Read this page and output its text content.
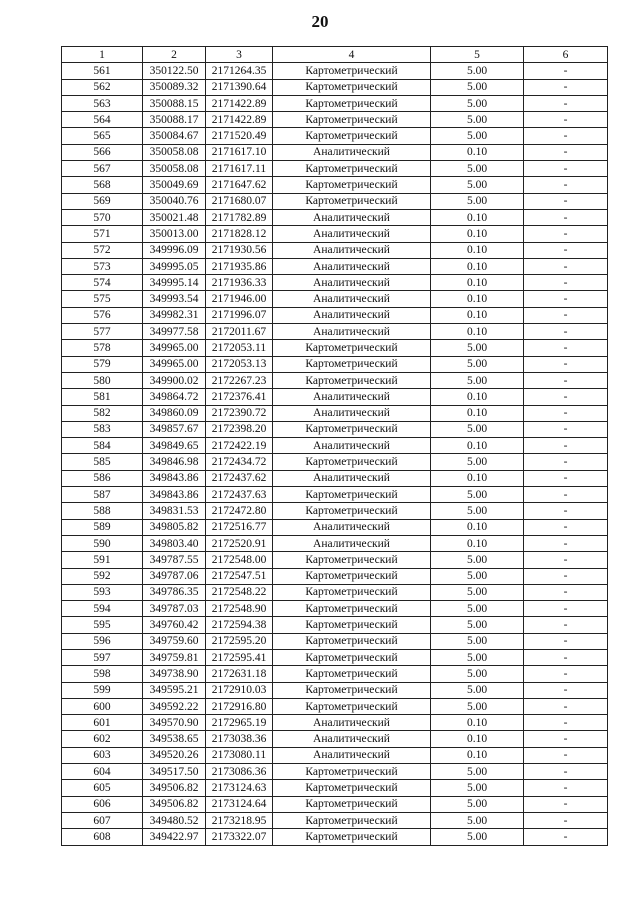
20
1	2	3	4	5	6
561	350122.50	2171264.35	Картометрический	5.00	-
562	350089.32	2171390.64	Картометрический	5.00	-
563	350088.15	2171422.89	Картометрический	5.00	-
564	350088.17	2171422.89	Картометрический	5.00	-
565	350084.67	2171520.49	Картометрический	5.00	-
566	350058.08	2171617.10	Аналитический	0.10	-
567	350058.08	2171617.11	Картометрический	5.00	-
568	350049.69	2171647.62	Картометрический	5.00	-
569	350040.76	2171680.07	Картометрический	5.00	-
570	350021.48	2171782.89	Аналитический	0.10	-
571	350013.00	2171828.12	Аналитический	0.10	-
572	349996.09	2171930.56	Аналитический	0.10	-
573	349995.05	2171935.86	Аналитический	0.10	-
574	349995.14	2171936.33	Аналитический	0.10	-
575	349993.54	2171946.00	Аналитический	0.10	-
576	349982.31	2171996.07	Аналитический	0.10	-
577	349977.58	2172011.67	Аналитический	0.10	-
578	349965.00	2172053.11	Картометрический	5.00	-
579	349965.00	2172053.13	Картометрический	5.00	-
580	349900.02	2172267.23	Картометрический	5.00	-
581	349864.72	2172376.41	Аналитический	0.10	-
582	349860.09	2172390.72	Аналитический	0.10	-
583	349857.67	2172398.20	Картометрический	5.00	-
584	349849.65	2172422.19	Аналитический	0.10	-
585	349846.98	2172434.72	Картометрический	5.00	-
586	349843.86	2172437.62	Аналитический	0.10	-
587	349843.86	2172437.63	Картометрический	5.00	-
588	349831.53	2172472.80	Картометрический	5.00	-
589	349805.82	2172516.77	Аналитический	0.10	-
590	349803.40	2172520.91	Аналитический	0.10	-
591	349787.55	2172548.00	Картометрический	5.00	-
592	349787.06	2172547.51	Картометрический	5.00	-
593	349786.35	2172548.22	Картометрический	5.00	-
594	349787.03	2172548.90	Картометрический	5.00	-
595	349760.42	2172594.38	Картометрический	5.00	-
596	349759.60	2172595.20	Картометрический	5.00	-
597	349759.81	2172595.41	Картометрический	5.00	-
598	349738.90	2172631.18	Картометрический	5.00	-
599	349595.21	2172910.03	Картометрический	5.00	-
600	349592.22	2172916.80	Картометрический	5.00	-
601	349570.90	2172965.19	Аналитический	0.10	-
602	349538.65	2173038.36	Аналитический	0.10	-
603	349520.26	2173080.11	Аналитический	0.10	-
604	349517.50	2173086.36	Картометрический	5.00	-
605	349506.82	2173124.63	Картометрический	5.00	-
606	349506.82	2173124.64	Картометрический	5.00	-
607	349480.52	2173218.95	Картометрический	5.00	-
608	349422.97	2173322.07	Картометрический	5.00	-
